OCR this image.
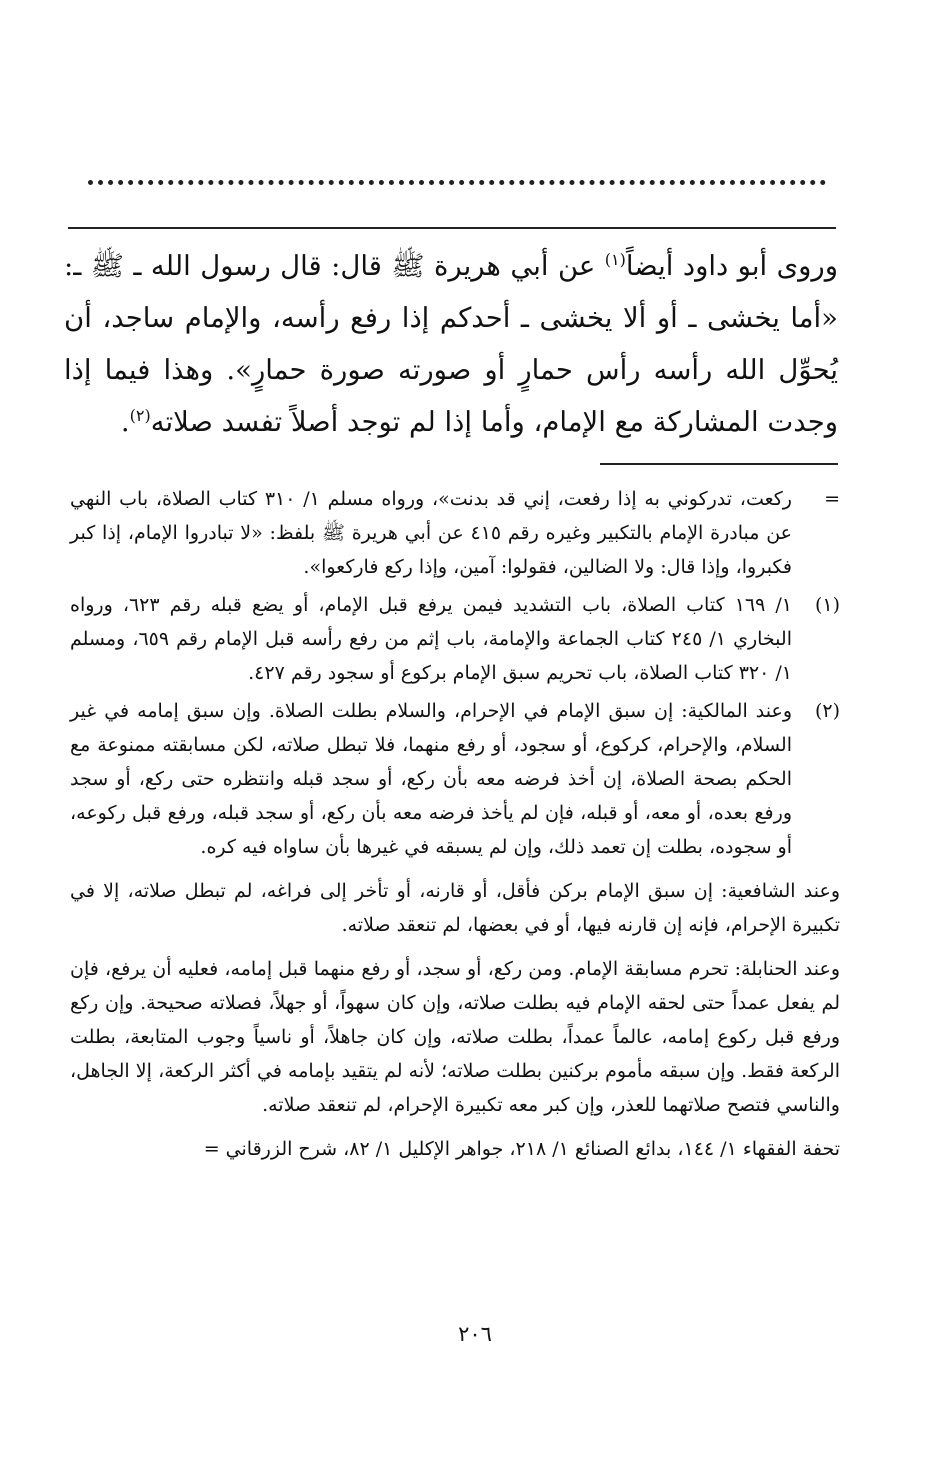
وروى أبو داود أيضاً$^{(١)}$ عن أبي هريرة ﷺ قال: قال رسول الله ـ ﷺ ـ: «أما يخشى ـ أو ألا يخشى ـ أحدكم إذا رفع رأسه، والإمام ساجد، أن يُحوِّل الله رأسه رأس حمارٍ أو صورته صورة حمارٍ». وهذا فيما إذا وجدت المشاركة مع الإمام، وأما إذا لم توجد أصلاً تفسد صلاته$^{(٢)}$.
=
ركعت، تدركوني به إذا رفعت، إني قد بدنت»، ورواه مسلم ١/ ٣١٠ كتاب الصلاة، باب النهي عن مبادرة الإمام بالتكبير وغيره رقم ٤١٥ عن أبي هريرة ﷺ بلفظ: «لا تبادروا الإمام، إذا كبر فكبروا، وإذا قال: ولا الضالين، فقولوا: آمين، وإذا ركع فاركعوا».
(١)
١/ ١٦٩ كتاب الصلاة، باب التشديد فيمن يرفع قبل الإمام، أو يضع قبله رقم ٦٢٣، ورواه البخاري ١/ ٢٤٥ كتاب الجماعة والإمامة، باب إثم من رفع رأسه قبل الإمام رقم ٦٥٩، ومسلم ١/ ٣٢٠ كتاب الصلاة، باب تحريم سبق الإمام بركوع أو سجود رقم ٤٢٧.
(٢)
وعند المالكية: إن سبق الإمام في الإحرام، والسلام بطلت الصلاة. وإن سبق إمامه في غير السلام، والإحرام، كركوع، أو سجود، أو رفع منهما، فلا تبطل صلاته، لكن مسابقته ممنوعة مع الحكم بصحة الصلاة، إن أخذ فرضه معه بأن ركع، أو سجد قبله وانتظره حتى ركع، أو سجد ورفع بعده، أو معه، أو قبله، فإن لم يأخذ فرضه معه بأن ركع، أو سجد قبله، ورفع قبل ركوعه، أو سجوده، بطلت إن تعمد ذلك، وإن لم يسبقه في غيرها بأن ساواه فيه كره.
وعند الشافعية: إن سبق الإمام بركن فأقل، أو قارنه، أو تأخر إلى فراغه، لم تبطل صلاته، إلا في تكبيرة الإحرام، فإنه إن قارنه فيها، أو في بعضها، لم تنعقد صلاته.
وعند الحنابلة: تحرم مسابقة الإمام. ومن ركع، أو سجد، أو رفع منهما قبل إمامه، فعليه أن يرفع، فإن لم يفعل عمداً حتى لحقه الإمام فيه بطلت صلاته، وإن كان سهواً، أو جهلاً، فصلاته صحيحة. وإن ركع ورفع قبل ركوع إمامه، عالماً عمداً، بطلت صلاته، وإن كان جاهلاً، أو ناسياً وجوب المتابعة، بطلت الركعة فقط. وإن سبقه مأموم بركنين بطلت صلاته؛ لأنه لم يتقيد بإمامه في أكثر الركعة، إلا الجاهل، والناسي فتصح صلاتهما للعذر، وإن كبر معه تكبيرة الإحرام، لم تنعقد صلاته.
تحفة الفقهاء ١/ ١٤٤، بدائع الصنائع ١/ ٢١٨، جواهر الإكليل ١/ ٨٢، شرح الزرقاني =
٢٠٦
